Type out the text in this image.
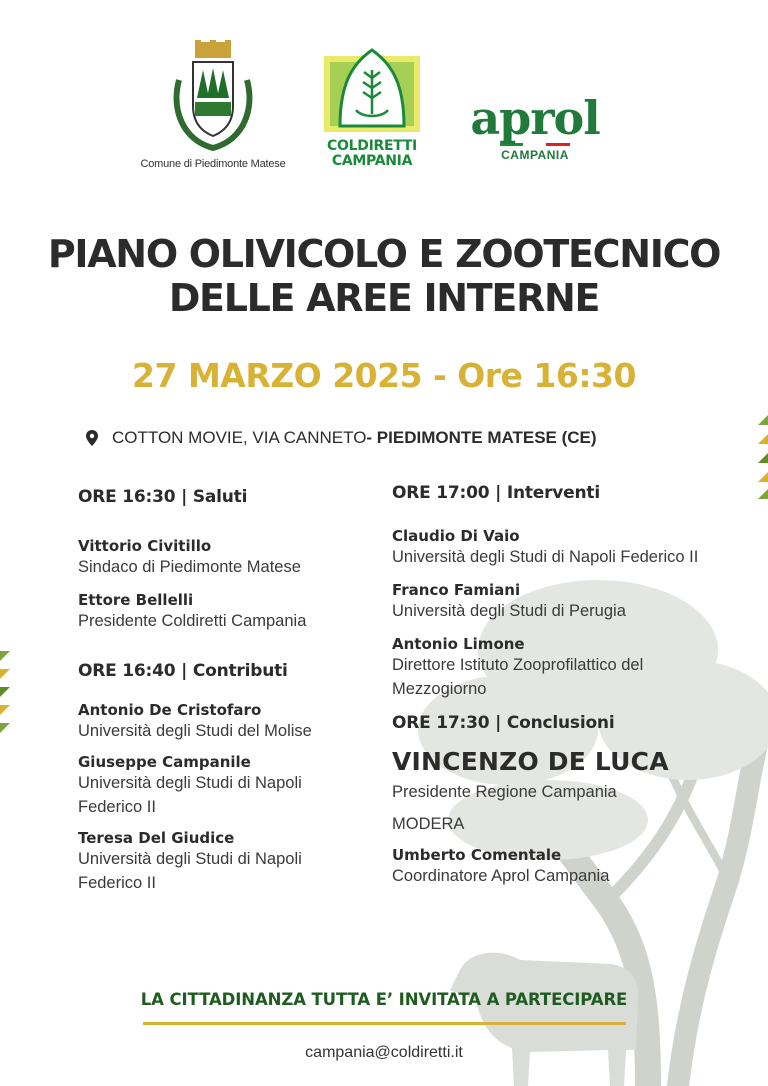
Comune di Piedimonte Matese
COLDIRETTI
CAMPANIA
aprol
CAMPANIA
PIANO OLIVICOLO E ZOOTECNICO
DELLE AREE INTERNE
27 MARZO 2025 - Ore 16:30
COTTON MOVIE, VIA CANNETO - PIEDIMONTE MATESE (CE)
ORE 16:30 | Saluti
Vittorio Civitillo
Sindaco di Piedimonte Matese
Ettore Bellelli
Presidente Coldiretti Campania
ORE 16:40 | Contributi
Antonio De Cristofaro
Università degli Studi del Molise
Giuseppe Campanile
Università degli Studi di Napoli
Federico II
Teresa Del Giudice
Università degli Studi di Napoli
Federico II
ORE 17:00 | Interventi
Claudio Di Vaio
Università degli Studi di Napoli Federico II
Franco Famiani
Università degli Studi di Perugia
Antonio Limone
Direttore Istituto Zooprofilattico del
Mezzogiorno
ORE 17:30 | Conclusioni
VINCENZO DE LUCA
Presidente Regione Campania
MODERA
Umberto Comentale
Coordinatore Aprol Campania
LA CITTADINANZA TUTTA E’ INVITATA A PARTECIPARE
campania@coldiretti.it
